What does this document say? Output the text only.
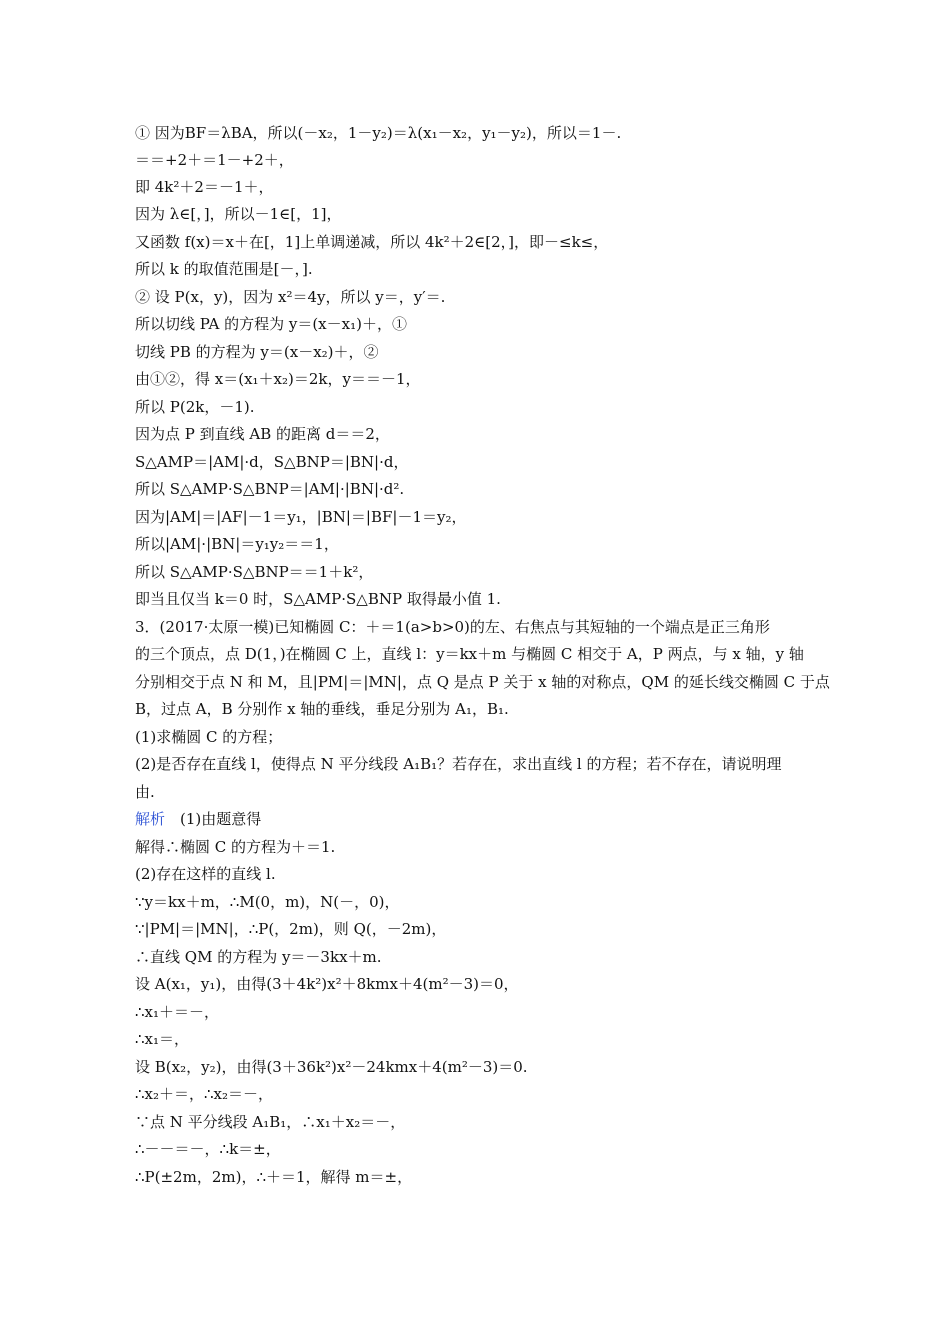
① 因为BF＝λBA，所以(－x₂，1－y₂)＝λ(x₁－x₂，y₁－y₂)，所以＝1－.
＝＝+2＋＝1－+2＋，
即 4k²＋2＝－1＋，
因为 λ∈[，]，所以－1∈[，1]，
又函数 f(x)＝x＋在[，1]上单调递减，所以 4k²＋2∈[2，]，即－≤k≤，
所以 k 的取值范围是[－，].
② 设 P(x，y)，因为 x²＝4y，所以 y＝，y′＝.
所以切线 PA 的方程为 y＝(x－x₁)＋，①
切线 PB 的方程为 y＝(x－x₂)＋，②
由①②，得 x＝(x₁＋x₂)＝2k，y＝＝－1，
所以 P(2k，－1).
因为点 P 到直线 AB 的距离 d＝＝2，
S△AMP＝|AM|·d，S△BNP＝|BN|·d，
所以 S△AMP·S△BNP＝|AM|·|BN|·d².
因为|AM|＝|AF|－1＝y₁，|BN|＝|BF|－1＝y₂，
所以|AM|·|BN|＝y₁y₂＝＝1，
所以 S△AMP·S△BNP＝＝1＋k²，
即当且仅当 k＝0 时，S△AMP·S△BNP 取得最小值 1.
3．(2017·太原一模)已知椭圆 C：＋＝1(a>b>0)的左、右焦点与其短轴的一个端点是正三角形
的三个顶点，点 D(1，)在椭圆 C 上，直线 l：y＝kx＋m 与椭圆 C 相交于 A，P 两点，与 x 轴，y 轴
分别相交于点 N 和 M，且|PM|＝|MN|，点 Q 是点 P 关于 x 轴的对称点，QM 的延长线交椭圆 C 于点
B，过点 A，B 分别作 x 轴的垂线，垂足分别为 A₁，B₁.
(1)求椭圆 C 的方程；
(2)是否存在直线 l，使得点 N 平分线段 A₁B₁？若存在，求出直线 l 的方程；若不存在，请说明理
由.
解析　 (1)由题意得
解得∴椭圆 C 的方程为＋＝1.
(2)存在这样的直线 l.
∵y＝kx＋m，∴M(0，m)，N(－，0)，
∵|PM|＝|MN|，∴P(，2m)，则 Q(，－2m)，
∴直线 QM 的方程为 y＝－3kx＋m.
设 A(x₁，y₁)，由得(3＋4k²)x²＋8kmx＋4(m²－3)＝0，
∴x₁＋＝－，
∴x₁＝，
设 B(x₂，y₂)，由得(3＋36k²)x²－24kmx＋4(m²－3)＝0.
∴x₂＋＝，∴x₂＝－，
∵点 N 平分线段 A₁B₁，∴x₁＋x₂＝－，
∴－－＝－，∴k＝±，
∴P(±2m，2m)，∴＋＝1，解得 m＝±，
